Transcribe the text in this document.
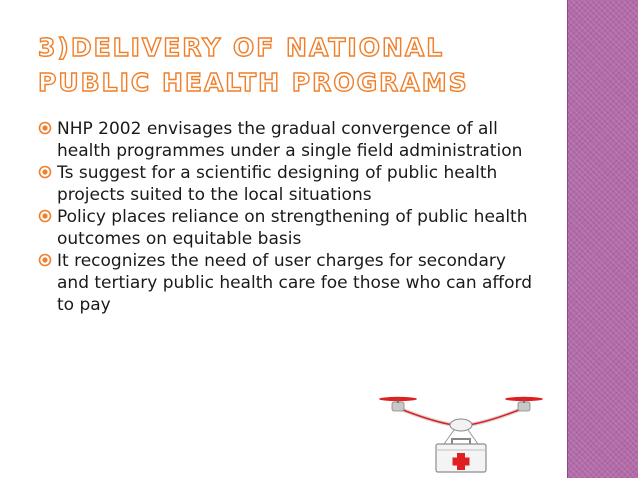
3)DELIVERY OF NATIONAL PUBLIC HEALTH PROGRAMS
NHP 2002 envisages the gradual convergence of all health programmes under a single field administration
Ts suggest for a scientific designing of public health projects suited to the local situations
Policy places reliance on strengthening of public health outcomes on equitable basis
It recognizes the need of user charges for secondary and tertiary public health care foe those who can afford to pay
